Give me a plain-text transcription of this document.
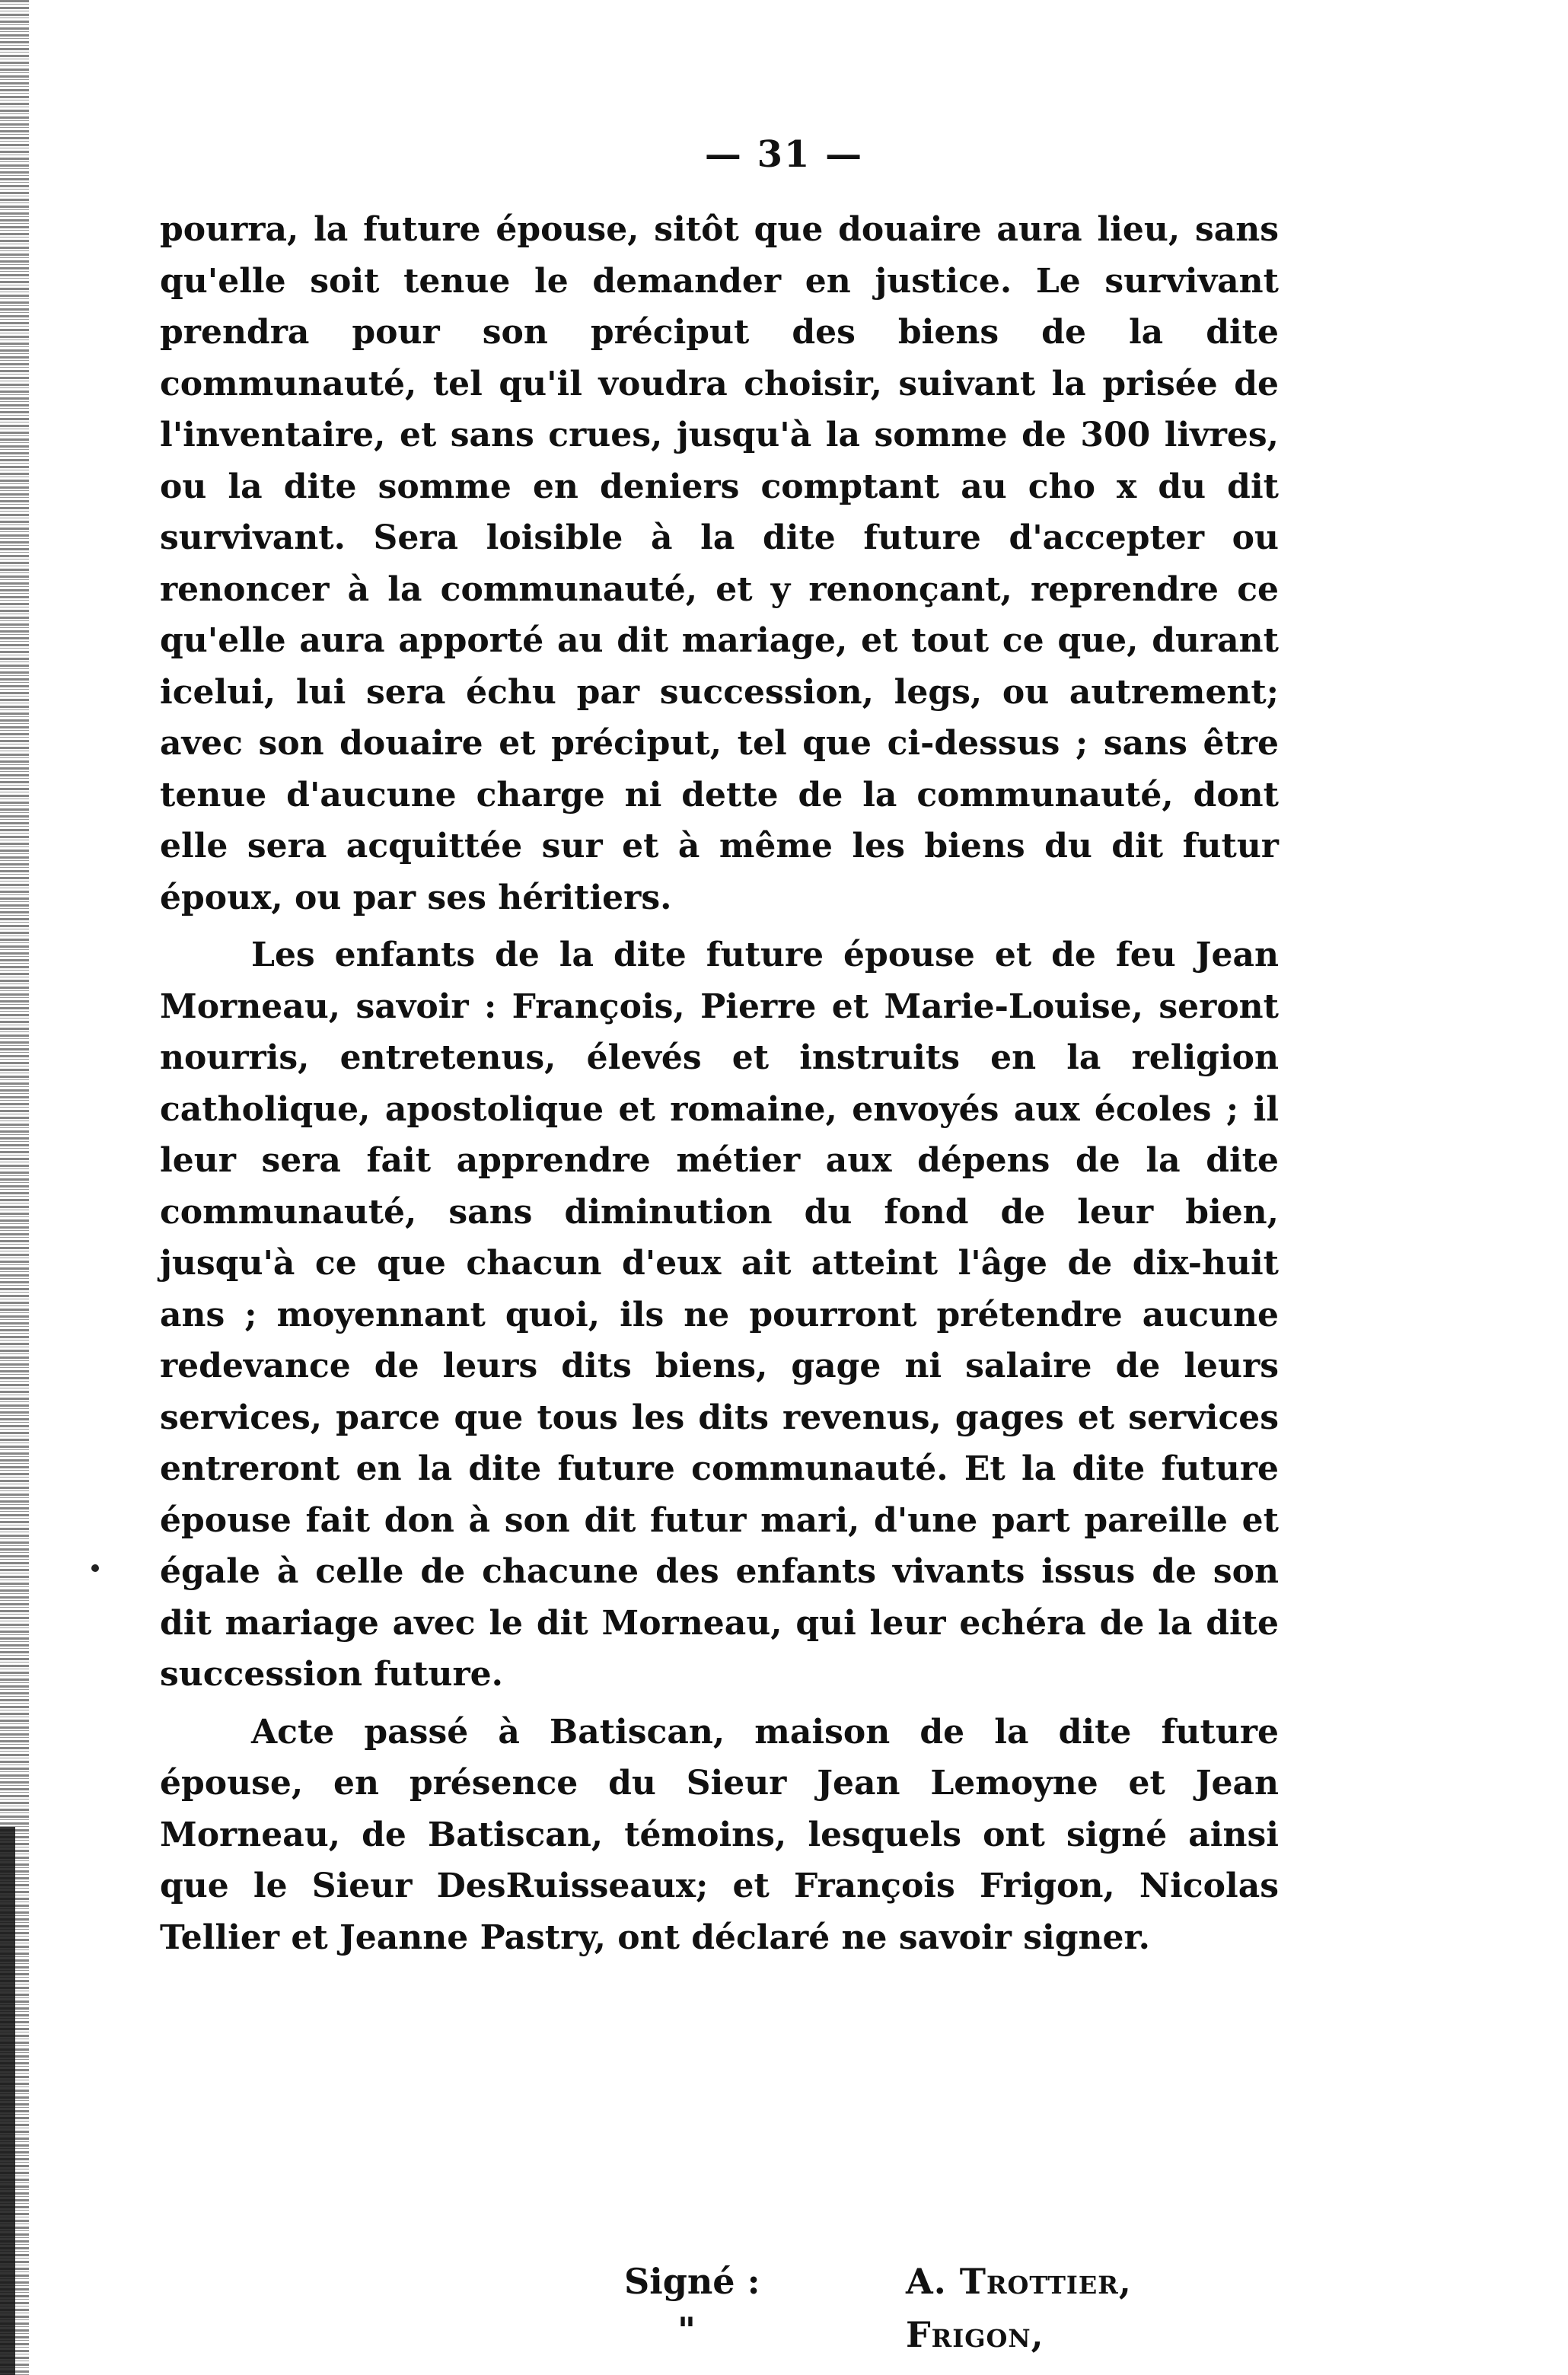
— 31 —

pourra, la future épouse, sitôt que douaire aura lieu, sans qu'elle soit tenue le demander en justice. Le survivant prendra pour son préciput des biens de la dite communauté, tel qu'il voudra choisir, suivant la prisée de l'inventaire, et sans crues, jusqu'à la somme de 300 livres, ou la dite somme en deniers comptant au cho x du dit survivant. Sera loisible à la dite future d'accepter ou renoncer à la communauté, et y renonçant, reprendre ce qu'elle aura apporté au dit mariage, et tout ce que, durant icelui, lui sera échu par succession, legs, ou autrement; avec son douaire et préciput, tel que ci-dessus ; sans être tenue d'aucune charge ni dette de la communauté, dont elle sera acquittée sur et à même les biens du dit futur époux, ou par ses héritiers.

Les enfants de la dite future épouse et de feu Jean Morneau, savoir : François, Pierre et Marie-Louise, seront nourris, entretenus, élevés et instruits en la religion catholique, apostolique et romaine, envoyés aux écoles ; il leur sera fait apprendre métier aux dépens de la dite communauté, sans diminution du fond de leur bien, jusqu'à ce que chacun d'eux ait atteint l'âge de dix-huit ans ; moyennant quoi, ils ne pourront prétendre aucune redevance de leurs dits biens, gage ni salaire de leurs services, parce que tous les dits revenus, gages et services entreront en la dite future communauté. Et la dite future épouse fait don à son dit futur mari, d'une part pareille et égale à celle de chacune des enfants vivants issus de son dit mariage avec le dit Morneau, qui leur echéra de la dite succession future.

Acte passé à Batiscan, maison de la dite future épouse, en présence du Sieur Jean Lemoyne et Jean Morneau, de Batiscan, témoins, lesquels ont signé ainsi que le Sieur DesRuisseaux; et François Frigon, Nicolas Tellier et Jeanne Pastry, ont déclaré ne savoir signer.

Signé :
"
A. Trottier,
Frigon,
